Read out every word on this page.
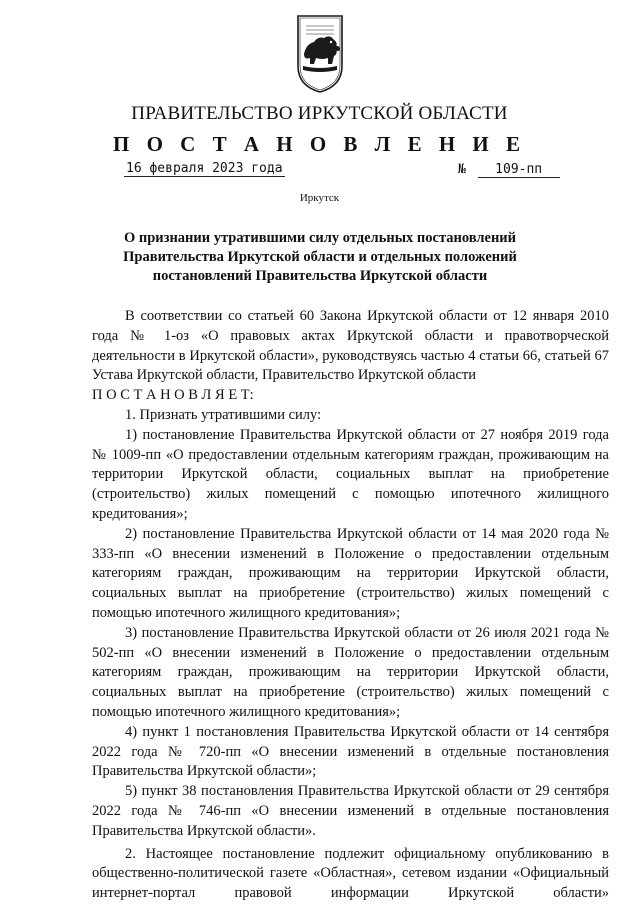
ПРАВИТЕЛЬСТВО ИРКУТСКОЙ ОБЛАСТИ
П О С Т А Н О В Л Е Н И Е
16 февраля 2023 года	№ 109-пп
Иркутск
О признании утратившими силу отдельных постановлений Правительства Иркутской области и отдельных положений постановлений Правительства Иркутской области

В соответствии со статьей 60 Закона Иркутской области от 12 января 2010 года № 1-оз «О правовых актах Иркутской области и правотворческой деятельности в Иркутской области», руководствуясь частью 4 статьи 66, статьей 67 Устава Иркутской области, Правительство Иркутской области

П О С Т А Н О В Л Я Е Т:

1. Признать утратившими силу:

1) постановление Правительства Иркутской области от 27 ноября 2019 года № 1009-пп «О предоставлении отдельным категориям граждан, проживающим на территории Иркутской области, социальных выплат на приобретение (строительство) жилых помещений с помощью ипотечного жилищного кредитования»;

2) постановление Правительства Иркутской области от 14 мая 2020 года № 333-пп «О внесении изменений в Положение о предоставлении отдельным категориям граждан, проживающим на территории Иркутской области, социальных выплат на приобретение (строительство) жилых помещений с помощью ипотечного жилищного кредитования»;

3) постановление Правительства Иркутской области от 26 июля 2021 года № 502-пп «О внесении изменений в Положение о предоставлении отдельным категориям граждан, проживающим на территории Иркутской области, социальных выплат на приобретение (строительство) жилых помещений с помощью ипотечного жилищного кредитования»;

4) пункт 1 постановления Правительства Иркутской области от 14 сентября 2022 года № 720-пп «О внесении изменений в отдельные постановления Правительства Иркутской области»;

5) пункт 38 постановления Правительства Иркутской области от 29 сентября 2022 года № 746-пп «О внесении изменений в отдельные постановления Правительства Иркутской области».

2. Настоящее постановление подлежит официальному опубликованию в общественно-политической газете «Областная», сетевом издании «Официальный интернет-портал правовой информации Иркутской области»
